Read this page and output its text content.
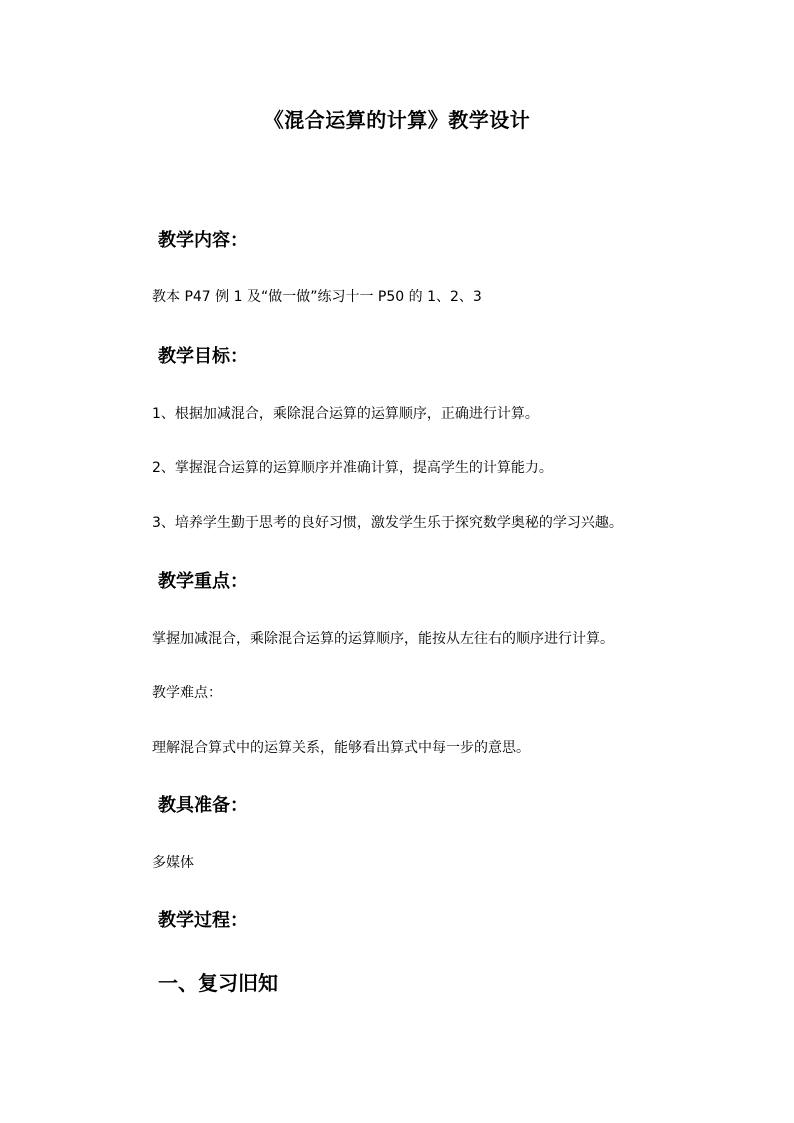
《混合运算的计算》教学设计
教学内容：
教本 P47 例 1 及“做一做”练习十一 P50 的 1、2、3
教学目标：
1、根据加减混合，乘除混合运算的运算顺序，正确进行计算。
2、掌握混合运算的运算顺序并准确计算，提高学生的计算能力。
3、培养学生勤于思考的良好习惯，激发学生乐于探究数学奥秘的学习兴趣。
教学重点：
掌握加减混合，乘除混合运算的运算顺序，能按从左往右的顺序进行计算。
教学难点：
理解混合算式中的运算关系，能够看出算式中每一步的意思。
教具准备：
多媒体
教学过程：
一、复习旧知
